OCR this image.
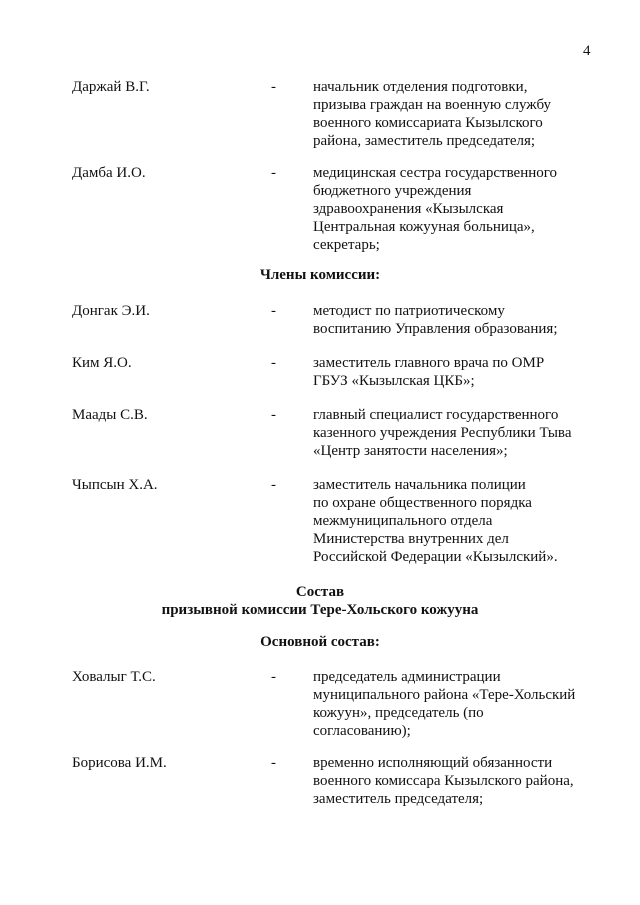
4
Даржай В.Г.	- начальник отделения подготовки,
призыва граждан на военную службу
военного комиссариата Кызылского
района, заместитель председателя;
Дамба И.О.	- медицинская сестра государственного
бюджетного учреждения
здравоохранения «Кызылская
Центральная кожууная больница»,
секретарь;
Члены комиссии:
Донгак Э.И.	- методист по патриотическому
воспитанию Управления образования;
Ким Я.О.	- заместитель главного врача по ОМР
ГБУЗ «Кызылская ЦКБ»;
Маады С.В.	- главный специалист государственного
казенного учреждения Республики Тыва
«Центр занятости населения»;
Чыпсын Х.А.	- заместитель начальника полиции
по охране общественного порядка
межмуниципального отдела
Министерства внутренних дел
Российской Федерации «Кызылский».
Состав
призывной комиссии Тере-Хольского кожууна
Основной состав:
Ховалыг Т.С.	- председатель администрации
муниципального района «Тере-Хольский
кожуун», председатель (по
согласованию);
Борисова И.М.	- временно исполняющий обязанности
военного комиссара Кызылского района,
заместитель председателя;
